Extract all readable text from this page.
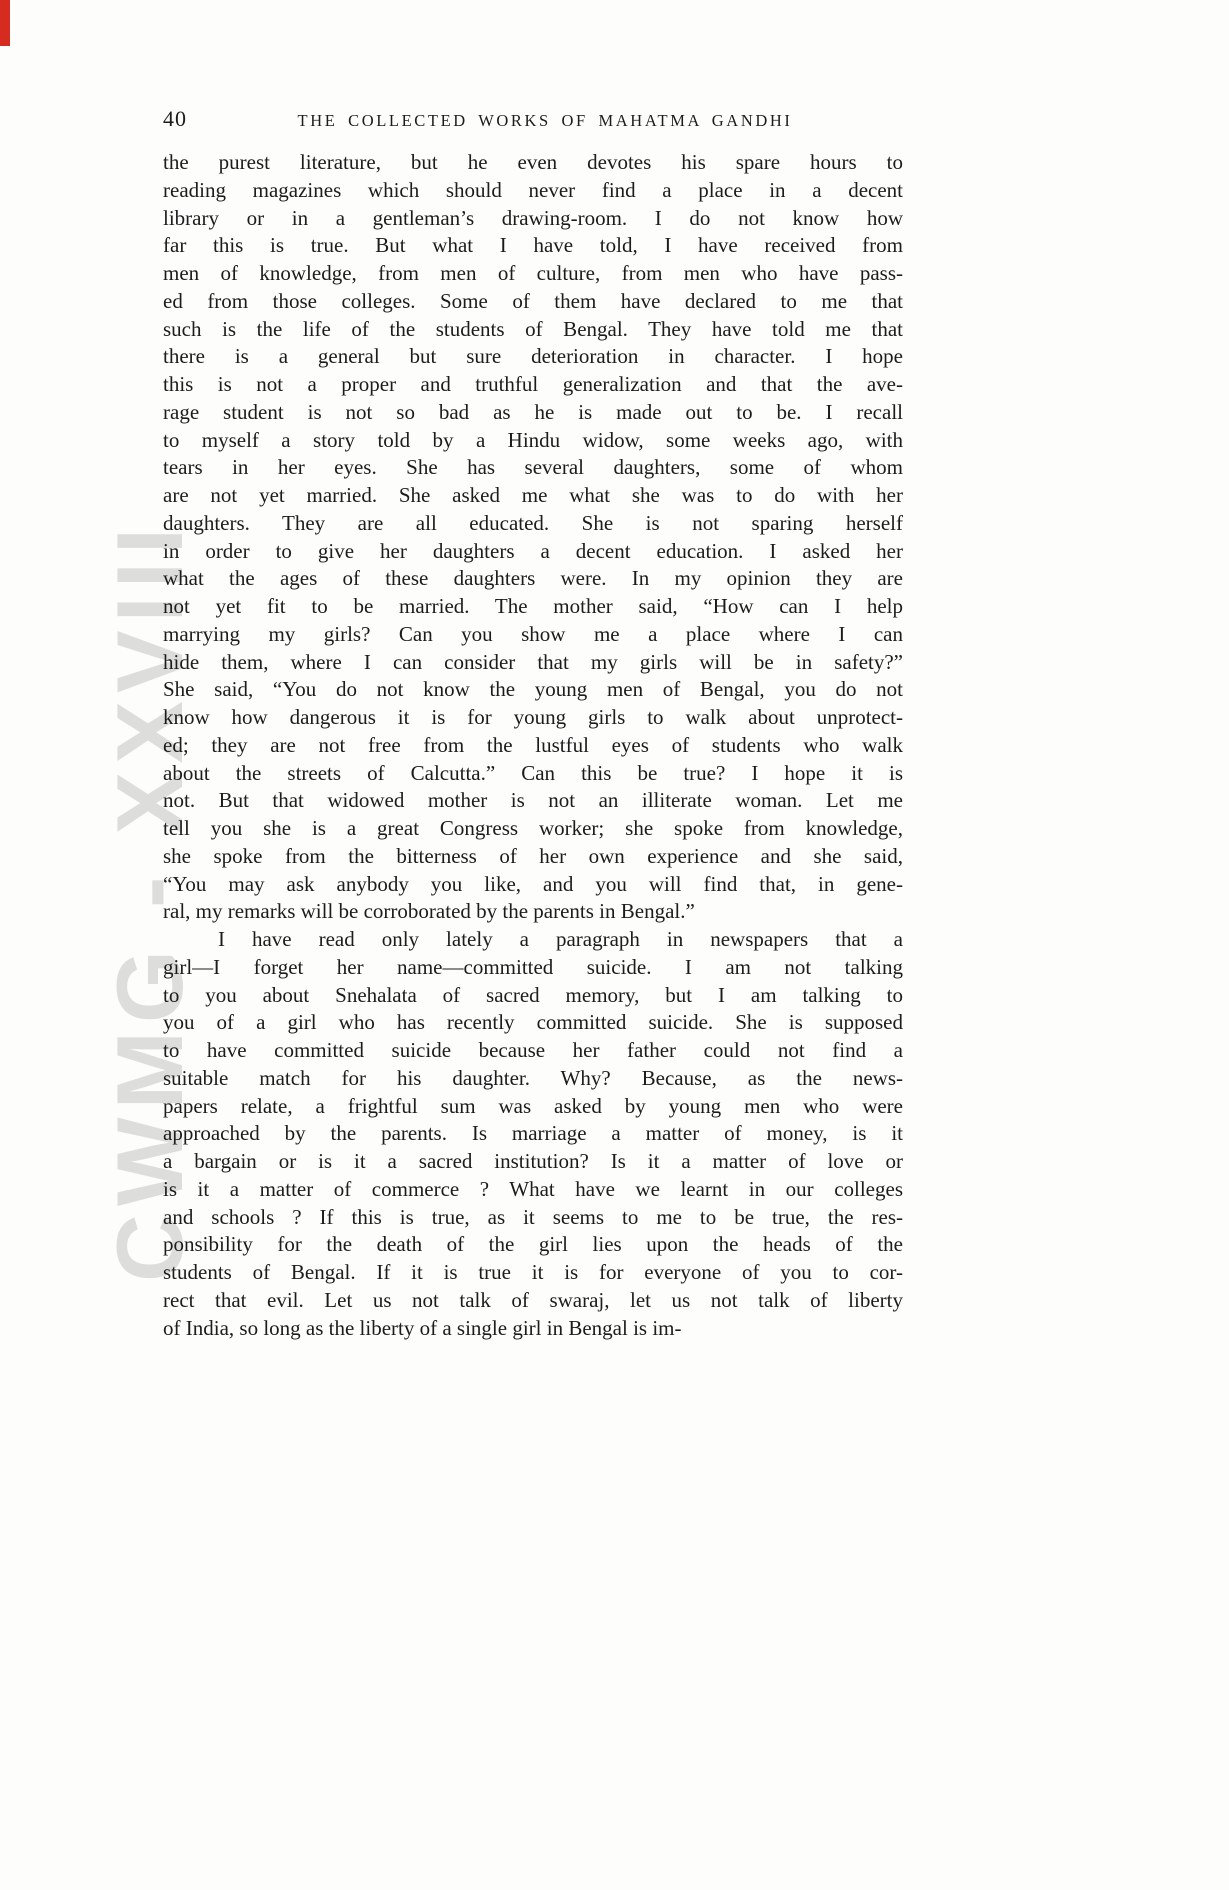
CWMG - XXVIII
40	THE COLLECTED WORKS OF MAHATMA GANDHI
the purest literature, but he even devotes his spare hours to
reading magazines which should never find a place in a decent
library or in a gentleman’s drawing-room. I do not know how
far this is true. But what I have told, I have received from
men of knowledge, from men of culture, from men who have pass-
ed from those colleges. Some of them have declared to me that
such is the life of the students of Bengal. They have told me that
there is a general but sure deterioration in character. I hope
this is not a proper and truthful generalization and that the ave-
rage student is not so bad as he is made out to be. I recall
to myself a story told by a Hindu widow, some weeks ago, with
tears in her eyes. She has several daughters, some of whom
are not yet married. She asked me what she was to do with her
daughters. They are all educated. She is not sparing herself
in order to give her daughters a decent education. I asked her
what the ages of these daughters were. In my opinion they are
not yet fit to be married. The mother said, “How can I help
marrying my girls? Can you show me a place where I can
hide them, where I can consider that my girls will be in safety?”
She said, “You do not know the young men of Bengal, you do not
know how dangerous it is for young girls to walk about unprotect-
ed; they are not free from the lustful eyes of students who walk
about the streets of Calcutta.” Can this be true? I hope it is
not. But that widowed mother is not an illiterate woman. Let me
tell you she is a great Congress worker; she spoke from knowledge,
she spoke from the bitterness of her own experience and she said,
“You may ask anybody you like, and you will find that, in gene-
ral, my remarks will be corroborated by the parents in Bengal.”
I have read only lately a paragraph in newspapers that a
girl—I forget her name—committed suicide. I am not talking
to you about Snehalata of sacred memory, but I am talking to
you of a girl who has recently committed suicide. She is supposed
to have committed suicide because her father could not find a
suitable match for his daughter. Why? Because, as the news-
papers relate, a frightful sum was asked by young men who were
approached by the parents. Is marriage a matter of money, is it
a bargain or is it a sacred institution? Is it a matter of love or
is it a matter of commerce ? What have we learnt in our colleges
and schools ? If this is true, as it seems to me to be true, the res-
ponsibility for the death of the girl lies upon the heads of the
students of Bengal. If it is true it is for everyone of you to cor-
rect that evil. Let us not talk of swaraj, let us not talk of liberty
of India, so long as the liberty of a single girl in Bengal is im-
